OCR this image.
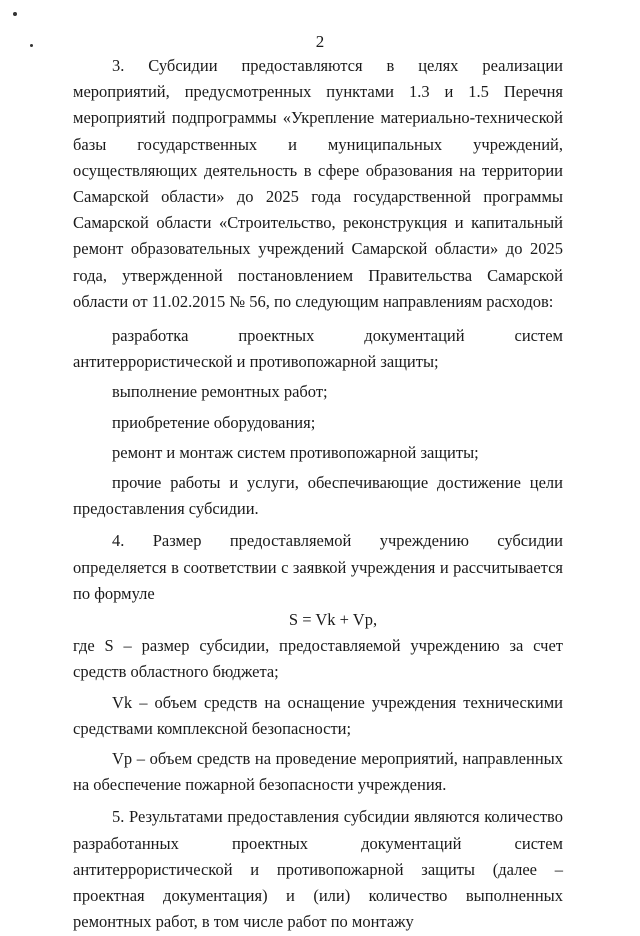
2

3. Субсидии предоставляются в целях реализации мероприятий, предусмотренных пунктами 1.3 и 1.5 Перечня мероприятий подпрограммы «Укрепление материально-технической базы государственных и муниципальных учреждений, осуществляющих деятельность в сфере образования на территории Самарской области» до 2025 года государственной программы Самарской области «Строительство, реконструкция и капитальный ремонт образовательных учреждений Самарской области» до 2025 года, утвержденной постановлением Правительства Самарской области от 11.02.2015 № 56, по следующим направлениям расходов:

разработка проектных документаций систем антитеррористической и противопожарной защиты;

выполнение ремонтных работ;

приобретение оборудования;

ремонт и монтаж систем противопожарной защиты;

прочие работы и услуги, обеспечивающие достижение цели предоставления субсидии.

4. Размер предоставляемой учреждению субсидии определяется в соответствии с заявкой учреждения и рассчитывается по формуле

S = Vk + Vp,

где S – размер субсидии, предоставляемой учреждению за счет средств областного бюджета;

Vk – объем средств на оснащение учреждения техническими средствами комплексной безопасности;

Vp – объем средств на проведение мероприятий, направленных на обеспечение пожарной безопасности учреждения.

5. Результатами предоставления субсидии являются количество разработанных проектных документаций систем антитеррористической и противопожарной защиты (далее – проектная документация) и (или) количество выполненных ремонтных работ, в том числе работ по монтажу
